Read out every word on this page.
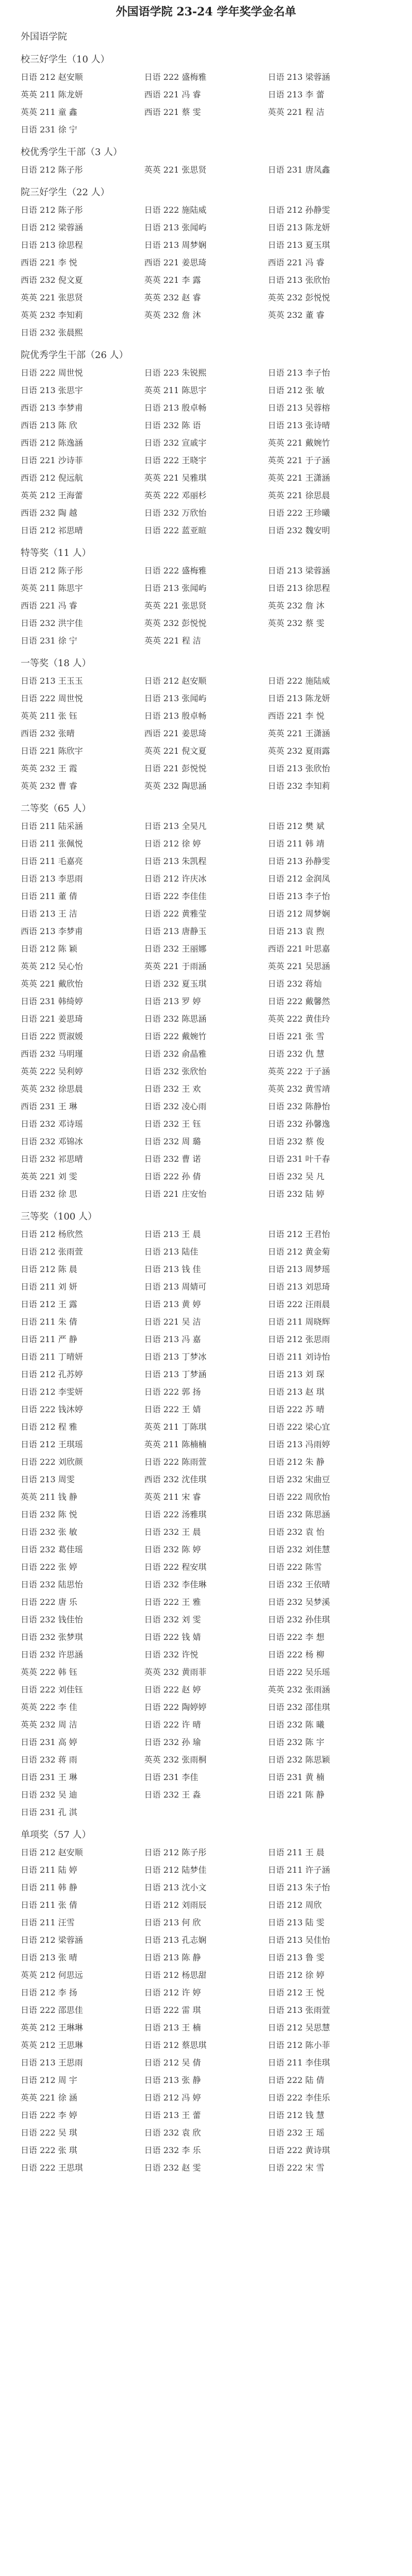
外国语学院 23-24 学年奖学金名单
外国语学院
校三好学生（10 人）
日语 212 赵安顺	日语 222 盛梅雅	日语 213 梁蓉涵
英英 211 陈龙妍	西语 221 冯 睿	日语 213 李 蕾
英英 211 童 鑫	西语 221 蔡 雯	英英 221 程 洁
日语 231 徐 宁
校优秀学生干部（3 人）
日语 212 陈子彤	英英 221 张思贤	日语 231 唐凤鑫
院三好学生（22 人）
日语 212 陈子彤	日语 222 施陆威	日语 212 孙静雯
日语 212 梁蓉涵	日语 213 张闻屿	日语 213 陈龙妍
日语 213 徐思程	日语 213 周梦娴	日语 213 夏玉琪
西语 221 李 悦	西语 221 姜思琦	西语 221 冯 睿
西语 232 倪文夏	英英 221 李 露	日语 213 张欣怡
英英 221 张思贤	英英 232 赵 睿	英英 232 彭悦悦
英英 232 李知莉	英英 232 詹 沐	英英 232 董 睿
日语 232 张晨熙
院优秀学生干部（26 人）
日语 222 周世悦	日语 223 朱锐熙	日语 213 李子怡
日语 213 张思宇	英英 211 陈思宇	日语 212 张 敏
西语 213 李梦甫	日语 213 殷卓畅	日语 213 吴蓉榕
西语 213 陈 欣	日语 232 陈 语	日语 213 张诗晴
西语 212 陈逸涵	日语 232 宣戚宇	英英 221 戴婉竹
日语 221 沙诗菲	日语 222 王晓宇	英英 221 于子涵
西语 212 倪远航	英英 221 吴雅琪	英英 221 王潇涵
英英 212 王海蕾	英英 222 邓丽杉	英英 221 徐思晨
西语 232 陶 越	日语 232 万欣怡	日语 222 王珍曦
日语 212 祁思晴	日语 222 蓝亚暄	日语 232 魏安明
特等奖（11 人）
日语 212 陈子彤	日语 222 盛梅雅	日语 213 梁蓉涵
英英 211 陈思宇	日语 213 张闻屿	日语 213 徐思程
西语 221 冯 睿	英英 221 张思贤	英英 232 詹 沐
日语 232 洪宇佳	英英 232 彭悦悦	英英 232 蔡 雯
日语 231 徐 宁	英英 221 程 洁
一等奖（18 人）
日语 213 王玉玉	日语 212 赵安顺	日语 222 施陆威
日语 222 周世悦	日语 213 张闻屿	日语 213 陈龙妍
英英 211 张 钰	日语 213 殷卓畅	西语 221 李 悦
西语 232 张晴	西语 221 姜思琦	英英 221 王潇涵
日语 221 陈欣宇	英英 221 倪文夏	英英 232 夏雨露
英英 232 王 霞	日语 221 彭悦悦	日语 213 张欣怡
英英 232 曹 睿	英英 232 陶思涵	日语 232 李知莉
二等奖（65 人）
日语 211 陆采涵	日语 213 全昊凡	日语 212 樊 斌
日语 211 张佩悦	日语 212 徐 婷	日语 211 韩 靖
日语 211 毛嘉亮	日语 213 朱凯程	日语 213 孙静雯
日语 213 李思雨	日语 212 许庆冰	日语 212 金润凤
日语 211 董 倩	日语 222 李佳佳	日语 213 李子怡
日语 213 王 洁	日语 222 黄雅莹	日语 212 周梦娴
西语 213 李梦甫	日语 213 唐静玉	日语 213 袁 煦
日语 212 陈 颖	日语 232 王丽娜	西语 221 叶思嘉
英英 212 吴心怡	英英 221 于雨涵	英英 221 吴思涵
英英 221 戴欣怡	日语 232 夏玉琪	日语 232 蒋灿
日语 231 韩绮婷	日语 213 罗 婷	日语 222 戴馨然
日语 221 姜思琦	日语 232 陈思涵	英英 222 黄佳玲
日语 222 贾淑媛	日语 222 戴婉竹	日语 221 张 雪
西语 232 马明瑾	日语 232 俞晶雅	日语 232 仇 慧
英英 222 吴利婷	日语 232 张欣怡	英英 222 于子涵
英英 232 徐思晨	日语 232 王 欢	英英 232 黄雪靖
西语 231 王 琳	日语 232 凌心雨	日语 232 陈静怡
日语 232 邓诗瑶	日语 232 王 钰	日语 232 孙馨逸
日语 232 邓锦冰	日语 232 周 璐	日语 232 蔡 俊
日语 232 祁思晴	日语 232 曹 诺	日语 231 叶千春
英英 221 刘 雯	日语 222 孙 倩	日语 232 吴 凡
日语 232 徐 思	日语 221 庄安怡	日语 232 陆 婷
三等奖（100 人）
日语 212 杨欣然	日语 213 王 晨	日语 212 王君怡
日语 212 张雨萱	日语 213 陆佳	日语 212 黄金菊
日语 212 陈 晨	日语 213 钱 佳	日语 213 周梦瑶
日语 211 刘 妍	日语 213 周婧可	日语 213 刘思琦
日语 212 王 露	日语 213 黄 婷	日语 222 汪雨晨
日语 211 朱 倩	日语 221 吴 洁	日语 211 周晓辉
日语 211 严 静	日语 213 冯 嘉	日语 212 张思雨
日语 211 丁晴妍	日语 213 丁梦冰	日语 211 刘诗怡
日语 212 孔苏婷	日语 213 丁梦涵	日语 213 刘 琛
日语 212 李雯妍	日语 222 郭 扬	日语 213 赵 琪
日语 222 钱沐婷	日语 222 王 婧	日语 222 苏 晴
日语 212 程 雅	英英 211 丁陈琪	日语 222 梁心宜
日语 212 王琪瑶	英英 211 陈楠楠	日语 213 冯雨婷
日语 222 刘欣颜	日语 222 陈雨萱	日语 212 朱 静
日语 213 周雯	西语 232 沈佳琪	日语 232 宋曲豆
英英 211 钱 静	英英 211 宋 睿	日语 222 周欣怡
日语 232 陈 悦	日语 222 汤雅琪	日语 232 陈思涵
日语 232 张 敏	日语 232 王 晨	日语 232 袁 怡
日语 232 葛佳瑶	日语 232 陈 婷	日语 232 刘佳慧
日语 222 张 婷	日语 222 程安琪	日语 222 陈雪
日语 232 陆思怡	日语 232 李佳琳	日语 232 王依晴
日语 222 唐 乐	日语 222 王 雅	日语 232 吴梦溪
日语 232 钱佳怡	日语 232 刘 雯	日语 232 孙佳琪
日语 232 张梦琪	日语 222 钱 婧	日语 222 李 想
日语 232 许思涵	日语 232 许悦	日语 222 杨 柳
英英 222 韩 钰	英英 232 黄雨菲	日语 222 吴乐瑶
日语 222 刘佳钰	日语 222 赵 婷	英英 232 张雨涵
英英 222 李 佳	日语 222 陶婷婷	日语 232 邵佳琪
英英 232 周 洁	日语 222 许 晴	日语 232 陈 曦
日语 231 高 婷	日语 232 孙 瑜	日语 232 陈 宇
日语 232 蒋 雨	英英 232 张雨桐	日语 232 陈思颖
日语 231 王 琳	日语 231 李佳	日语 231 黄 楠
日语 232 吴 迪	日语 232 王 淼	日语 221 陈 静
日语 231 孔 淇
单项奖（57 人）
日语 212 赵安顺	日语 212 陈子彤	日语 211 王 晨
日语 211 陆 婷	日语 212 陆梦佳	日语 211 许子涵
日语 211 韩 静	日语 213 沈小文	日语 213 朱子怡
日语 211 张 倩	日语 212 刘雨辰	日语 212 周欣
日语 211 汪雪	日语 213 何 欣	日语 213 陆 雯
日语 212 梁蓉涵	日语 213 孔志娴	日语 213 吴佳怡
日语 213 张 晴	日语 213 陈 静	日语 213 鲁 雯
英英 212 何思远	日语 212 杨思甜	日语 212 徐 婷
日语 212 李 扬	日语 212 许 婷	日语 212 王 悦
日语 222 邵思佳	日语 222 雷 琪	日语 213 张雨萱
英英 212 王琳琳	日语 213 王 楠	日语 212 吴思慧
英英 212 王思琳	日语 212 蔡思琪	日语 212 陈小菲
日语 213 王思雨	日语 212 吴 倩	日语 211 李佳琪
日语 212 周 宇	日语 213 张 静	日语 222 陆 倩
英英 221 徐 涵	日语 212 冯 婷	日语 222 李佳乐
日语 222 李 婷	日语 213 王 蕾	日语 212 钱 慧
日语 222 吴 琪	日语 232 袁 欣	日语 232 王 瑶
日语 222 张 琪	日语 232 李 乐	日语 222 黄诗琪
日语 222 王思琪	日语 232 赵 雯	日语 222 宋 雪
